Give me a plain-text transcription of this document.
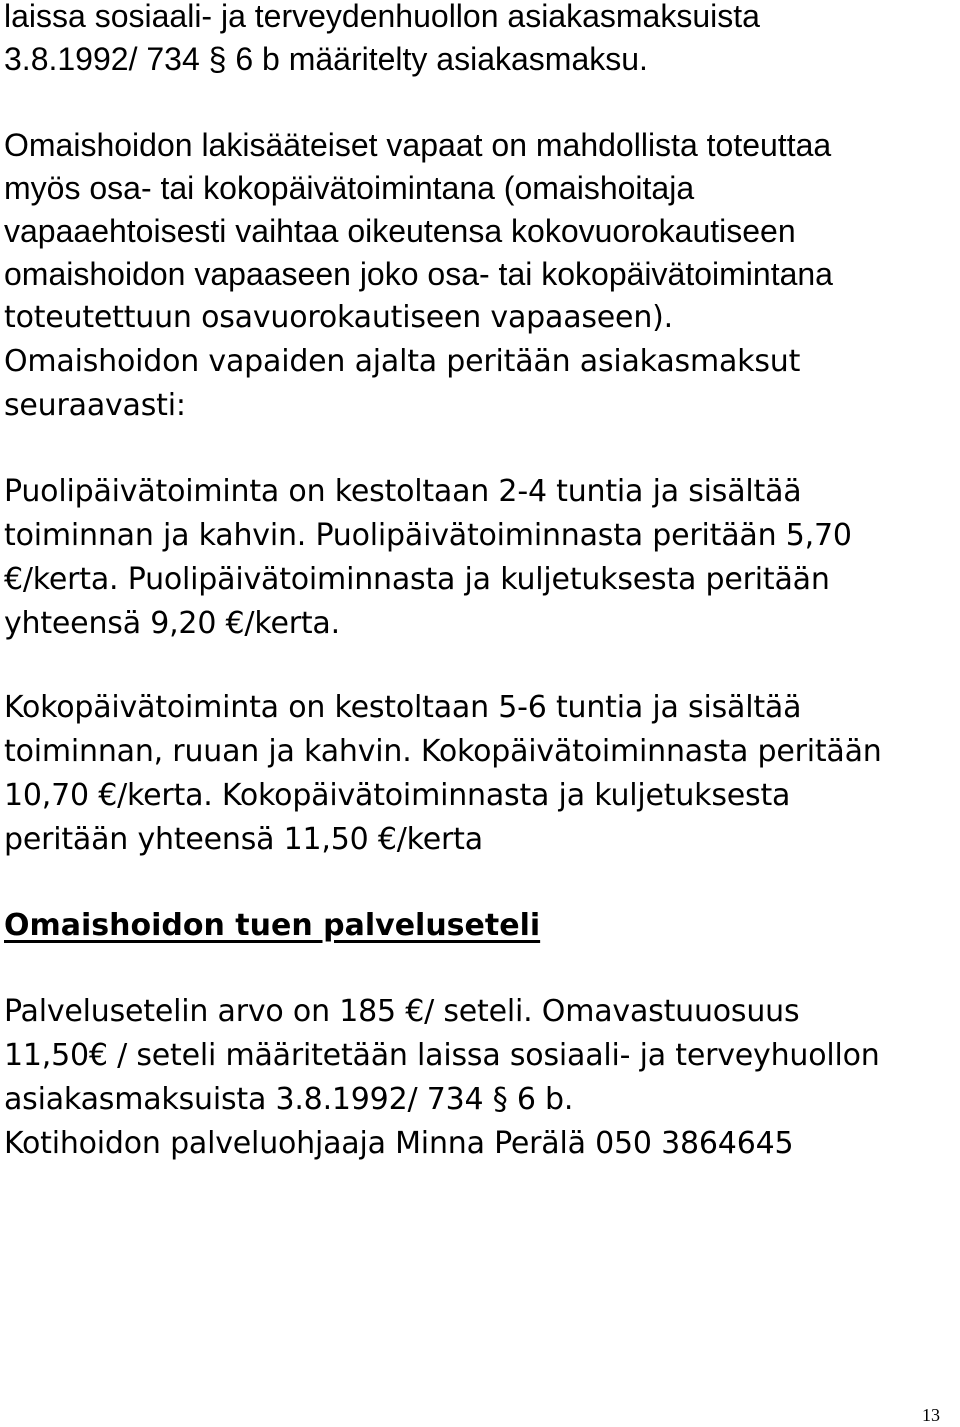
laissa sosiaali- ja terveydenhuollon asiakasmaksuista
3.8.1992/ 734 § 6 b määritelty asiakasmaksu.
Omaishoidon lakisääteiset vapaat on mahdollista toteuttaa
myös osa- tai kokopäivätoimintana (omaishoitaja
vapaaehtoisesti vaihtaa oikeutensa kokovuorokautiseen
omaishoidon vapaaseen joko osa- tai kokopäivätoimintana
toteutettuun osavuorokautiseen vapaaseen).
Omaishoidon vapaiden ajalta peritään asiakasmaksut
seuraavasti:
Puolipäivätoiminta on kestoltaan 2-4 tuntia ja sisältää
toiminnan ja kahvin. Puolipäivätoiminnasta peritään 5,70
€/kerta. Puolipäivätoiminnasta ja kuljetuksesta peritään
yhteensä 9,20 €/kerta.
Kokopäivätoiminta on kestoltaan 5-6 tuntia ja sisältää
toiminnan, ruuan ja kahvin. Kokopäivätoiminnasta peritään
10,70 €/kerta. Kokopäivätoiminnasta ja kuljetuksesta
peritään yhteensä 11,50 €/kerta
Omaishoidon tuen palveluseteli
Palvelusetelin arvo on 185 €/ seteli. Omavastuuosuus
11,50€ / seteli määritetään laissa sosiaali- ja terveyhuollon
asiakasmaksuista 3.8.1992/ 734 § 6 b.
Kotihoidon palveluohjaaja Minna Perälä 050 3864645
13
